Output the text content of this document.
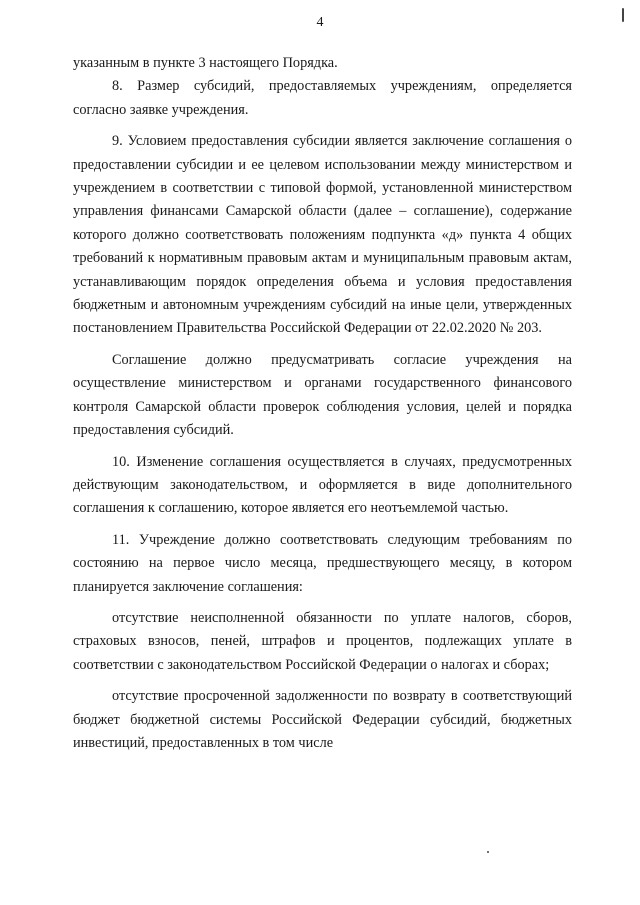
4

указанным в пункте 3 настоящего Порядка.

8. Размер субсидий, предоставляемых учреждениям, определяется согласно заявке учреждения.

9. Условием предоставления субсидии является заключение соглашения о предоставлении субсидии и ее целевом использовании между министерством и учреждением в соответствии с типовой формой, установленной министерством управления финансами Самарской области (далее – соглашение), содержание которого должно соответствовать положениям подпункта «д» пункта 4 общих требований к нормативным правовым актам и муниципальным правовым актам, устанавливающим порядок определения объема и условия предоставления бюджетным и автономным учреждениям субсидий на иные цели, утвержденных постановлением Правительства Российской Федерации от 22.02.2020 № 203.

Соглашение должно предусматривать согласие учреждения на осуществление министерством и органами государственного финансового контроля Самарской области проверок соблюдения условия, целей и порядка предоставления субсидий.

10. Изменение соглашения осуществляется в случаях, предусмотренных действующим законодательством, и оформляется в виде дополнительного соглашения к соглашению, которое является его неотъемлемой частью.

11. Учреждение должно соответствовать следующим требованиям по состоянию на первое число месяца, предшествующего месяцу, в котором планируется заключение соглашения:

отсутствие неисполненной обязанности по уплате налогов, сборов, страховых взносов, пеней, штрафов и процентов, подлежащих уплате в соответствии с законодательством Российской Федерации о налогах и сборах;

отсутствие просроченной задолженности по возврату в соответствующий бюджет бюджетной системы Российской Федерации субсидий, бюджетных инвестиций, предоставленных в том числе
